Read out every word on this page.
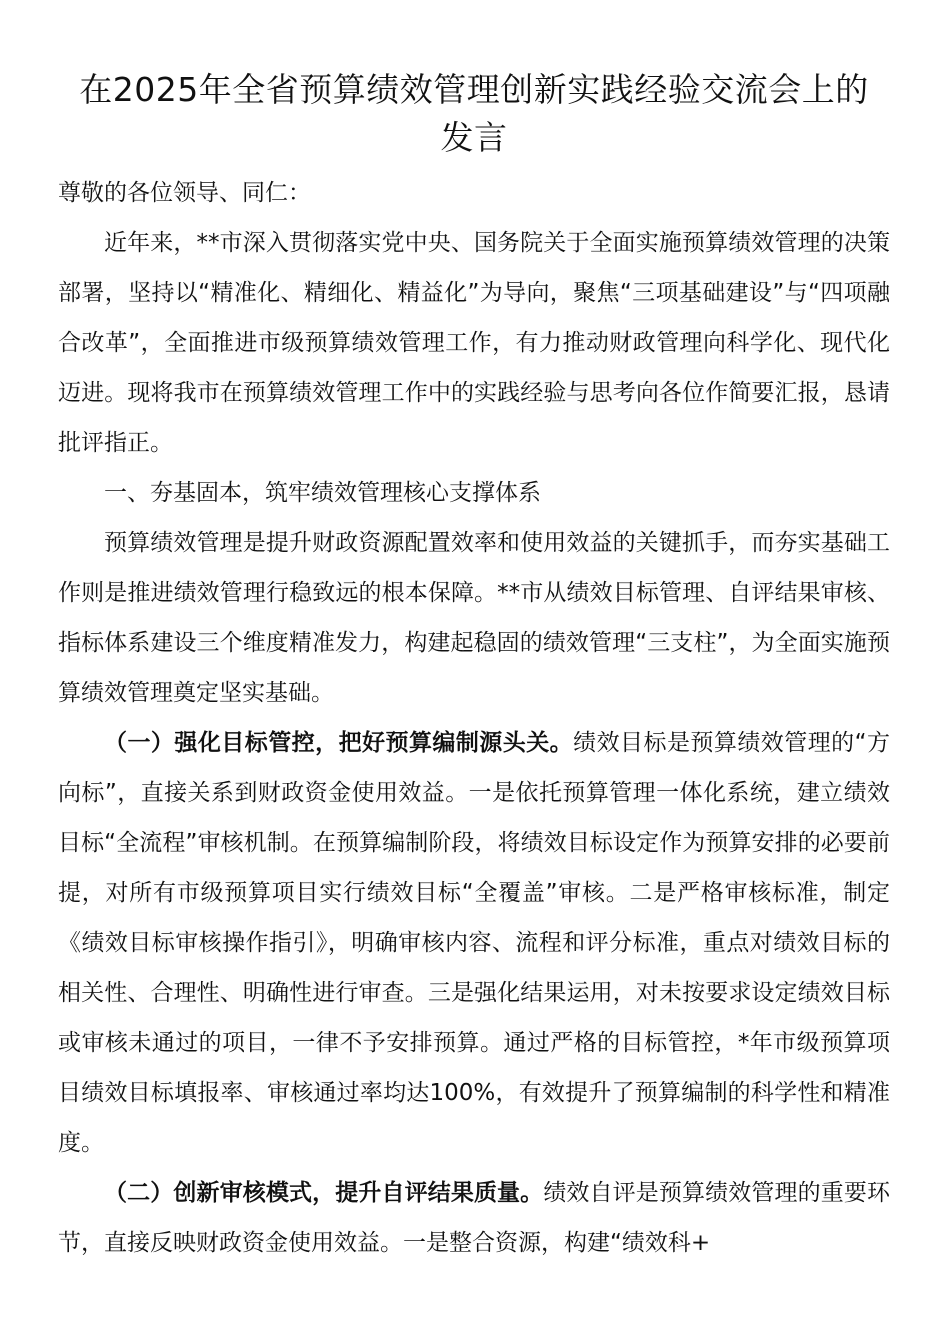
在2025年全省预算绩效管理创新实践经验交流会上的发言

尊敬的各位领导、同仁：

近年来，**市深入贯彻落实党中央、国务院关于全面实施预算绩效管理的决策部署，坚持以“精准化、精细化、精益化”为导向，聚焦“三项基础建设”与“四项融合改革”，全面推进市级预算绩效管理工作，有力推动财政管理向科学化、现代化迈进。现将我市在预算绩效管理工作中的实践经验与思考向各位作简要汇报，恳请批评指正。

一、夯基固本，筑牢绩效管理核心支撑体系

预算绩效管理是提升财政资源配置效率和使用效益的关键抓手，而夯实基础工作则是推进绩效管理行稳致远的根本保障。**市从绩效目标管理、自评结果审核、指标体系建设三个维度精准发力，构建起稳固的绩效管理“三支柱”，为全面实施预算绩效管理奠定坚实基础。

（一）强化目标管控，把好预算编制源头关。绩效目标是预算绩效管理的“方向标”，直接关系到财政资金使用效益。一是依托预算管理一体化系统，建立绩效目标“全流程”审核机制。在预算编制阶段，将绩效目标设定作为预算安排的必要前提，对所有市级预算项目实行绩效目标“全覆盖”审核。二是严格审核标准，制定《绩效目标审核操作指引》，明确审核内容、流程和评分标准，重点对绩效目标的相关性、合理性、明确性进行审查。三是强化结果运用，对未按要求设定绩效目标或审核未通过的项目，一律不予安排预算。通过严格的目标管控，*年市级预算项目绩效目标填报率、审核通过率均达100%，有效提升了预算编制的科学性和精准度。

（二）创新审核模式，提升自评结果质量。绩效自评是预算绩效管理的重要环节，直接反映财政资金使用效益。一是整合资源，构建“绩效科+
